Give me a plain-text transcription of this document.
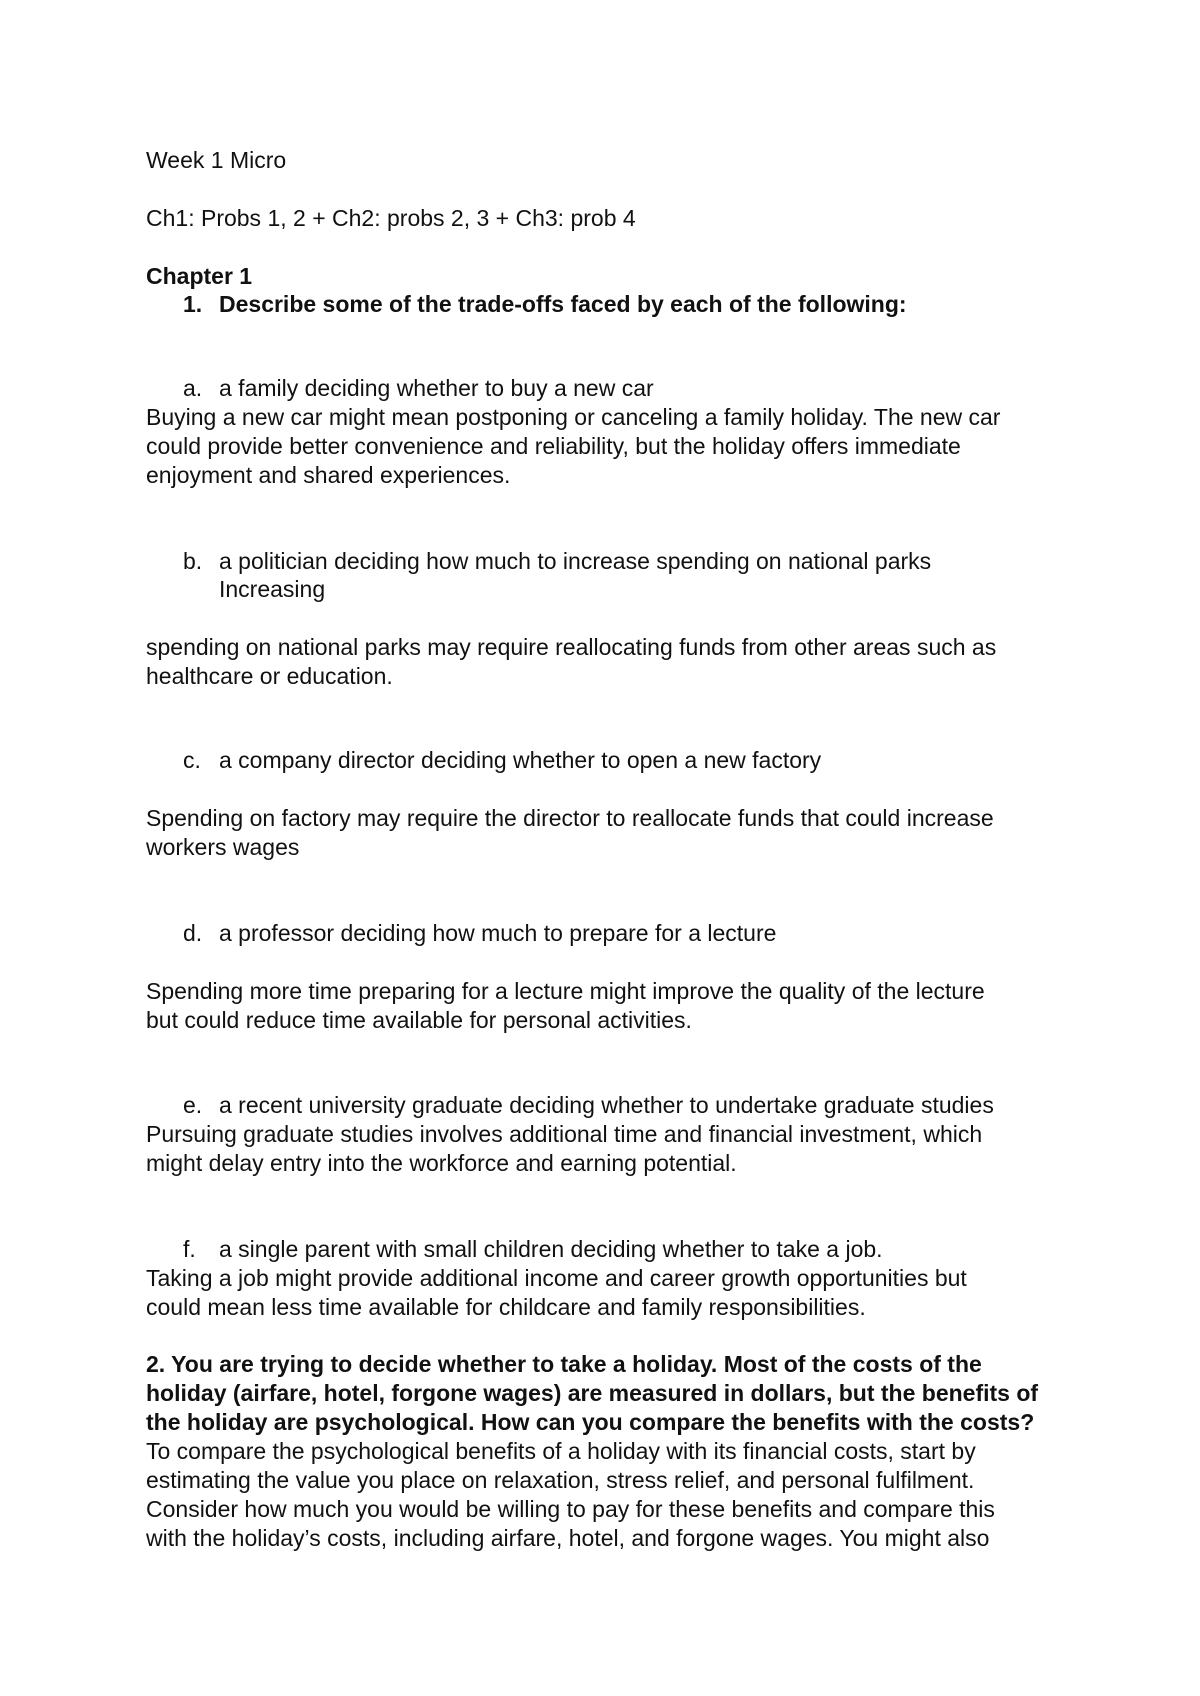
Week 1 Micro
Ch1: Probs 1, 2 + Ch2: probs 2, 3 + Ch3: prob 4
Chapter 1
1. Describe some of the trade-offs faced by each of the following:
a. a family deciding whether to buy a new car
Buying a new car might mean postponing or canceling a family holiday. The new car
could provide better convenience and reliability, but the holiday offers immediate
enjoyment and shared experiences.
b. a politician deciding how much to increase spending on national parks
Increasing
spending on national parks may require reallocating funds from other areas such as
healthcare or education.
c. a company director deciding whether to open a new factory
Spending on factory may require the director to reallocate funds that could increase
workers wages
d. a professor deciding how much to prepare for a lecture
Spending more time preparing for a lecture might improve the quality of the lecture
but could reduce time available for personal activities.
e. a recent university graduate deciding whether to undertake graduate studies
Pursuing graduate studies involves additional time and financial investment, which
might delay entry into the workforce and earning potential.
f. a single parent with small children deciding whether to take a job.
Taking a job might provide additional income and career growth opportunities but
could mean less time available for childcare and family responsibilities.
2. You are trying to decide whether to take a holiday. Most of the costs of the
holiday (airfare, hotel, forgone wages) are measured in dollars, but the benefits of
the holiday are psychological. How can you compare the benefits with the costs?
To compare the psychological benefits of a holiday with its financial costs, start by
estimating the value you place on relaxation, stress relief, and personal fulfilment.
Consider how much you would be willing to pay for these benefits and compare this
with the holiday’s costs, including airfare, hotel, and forgone wages. You might also
